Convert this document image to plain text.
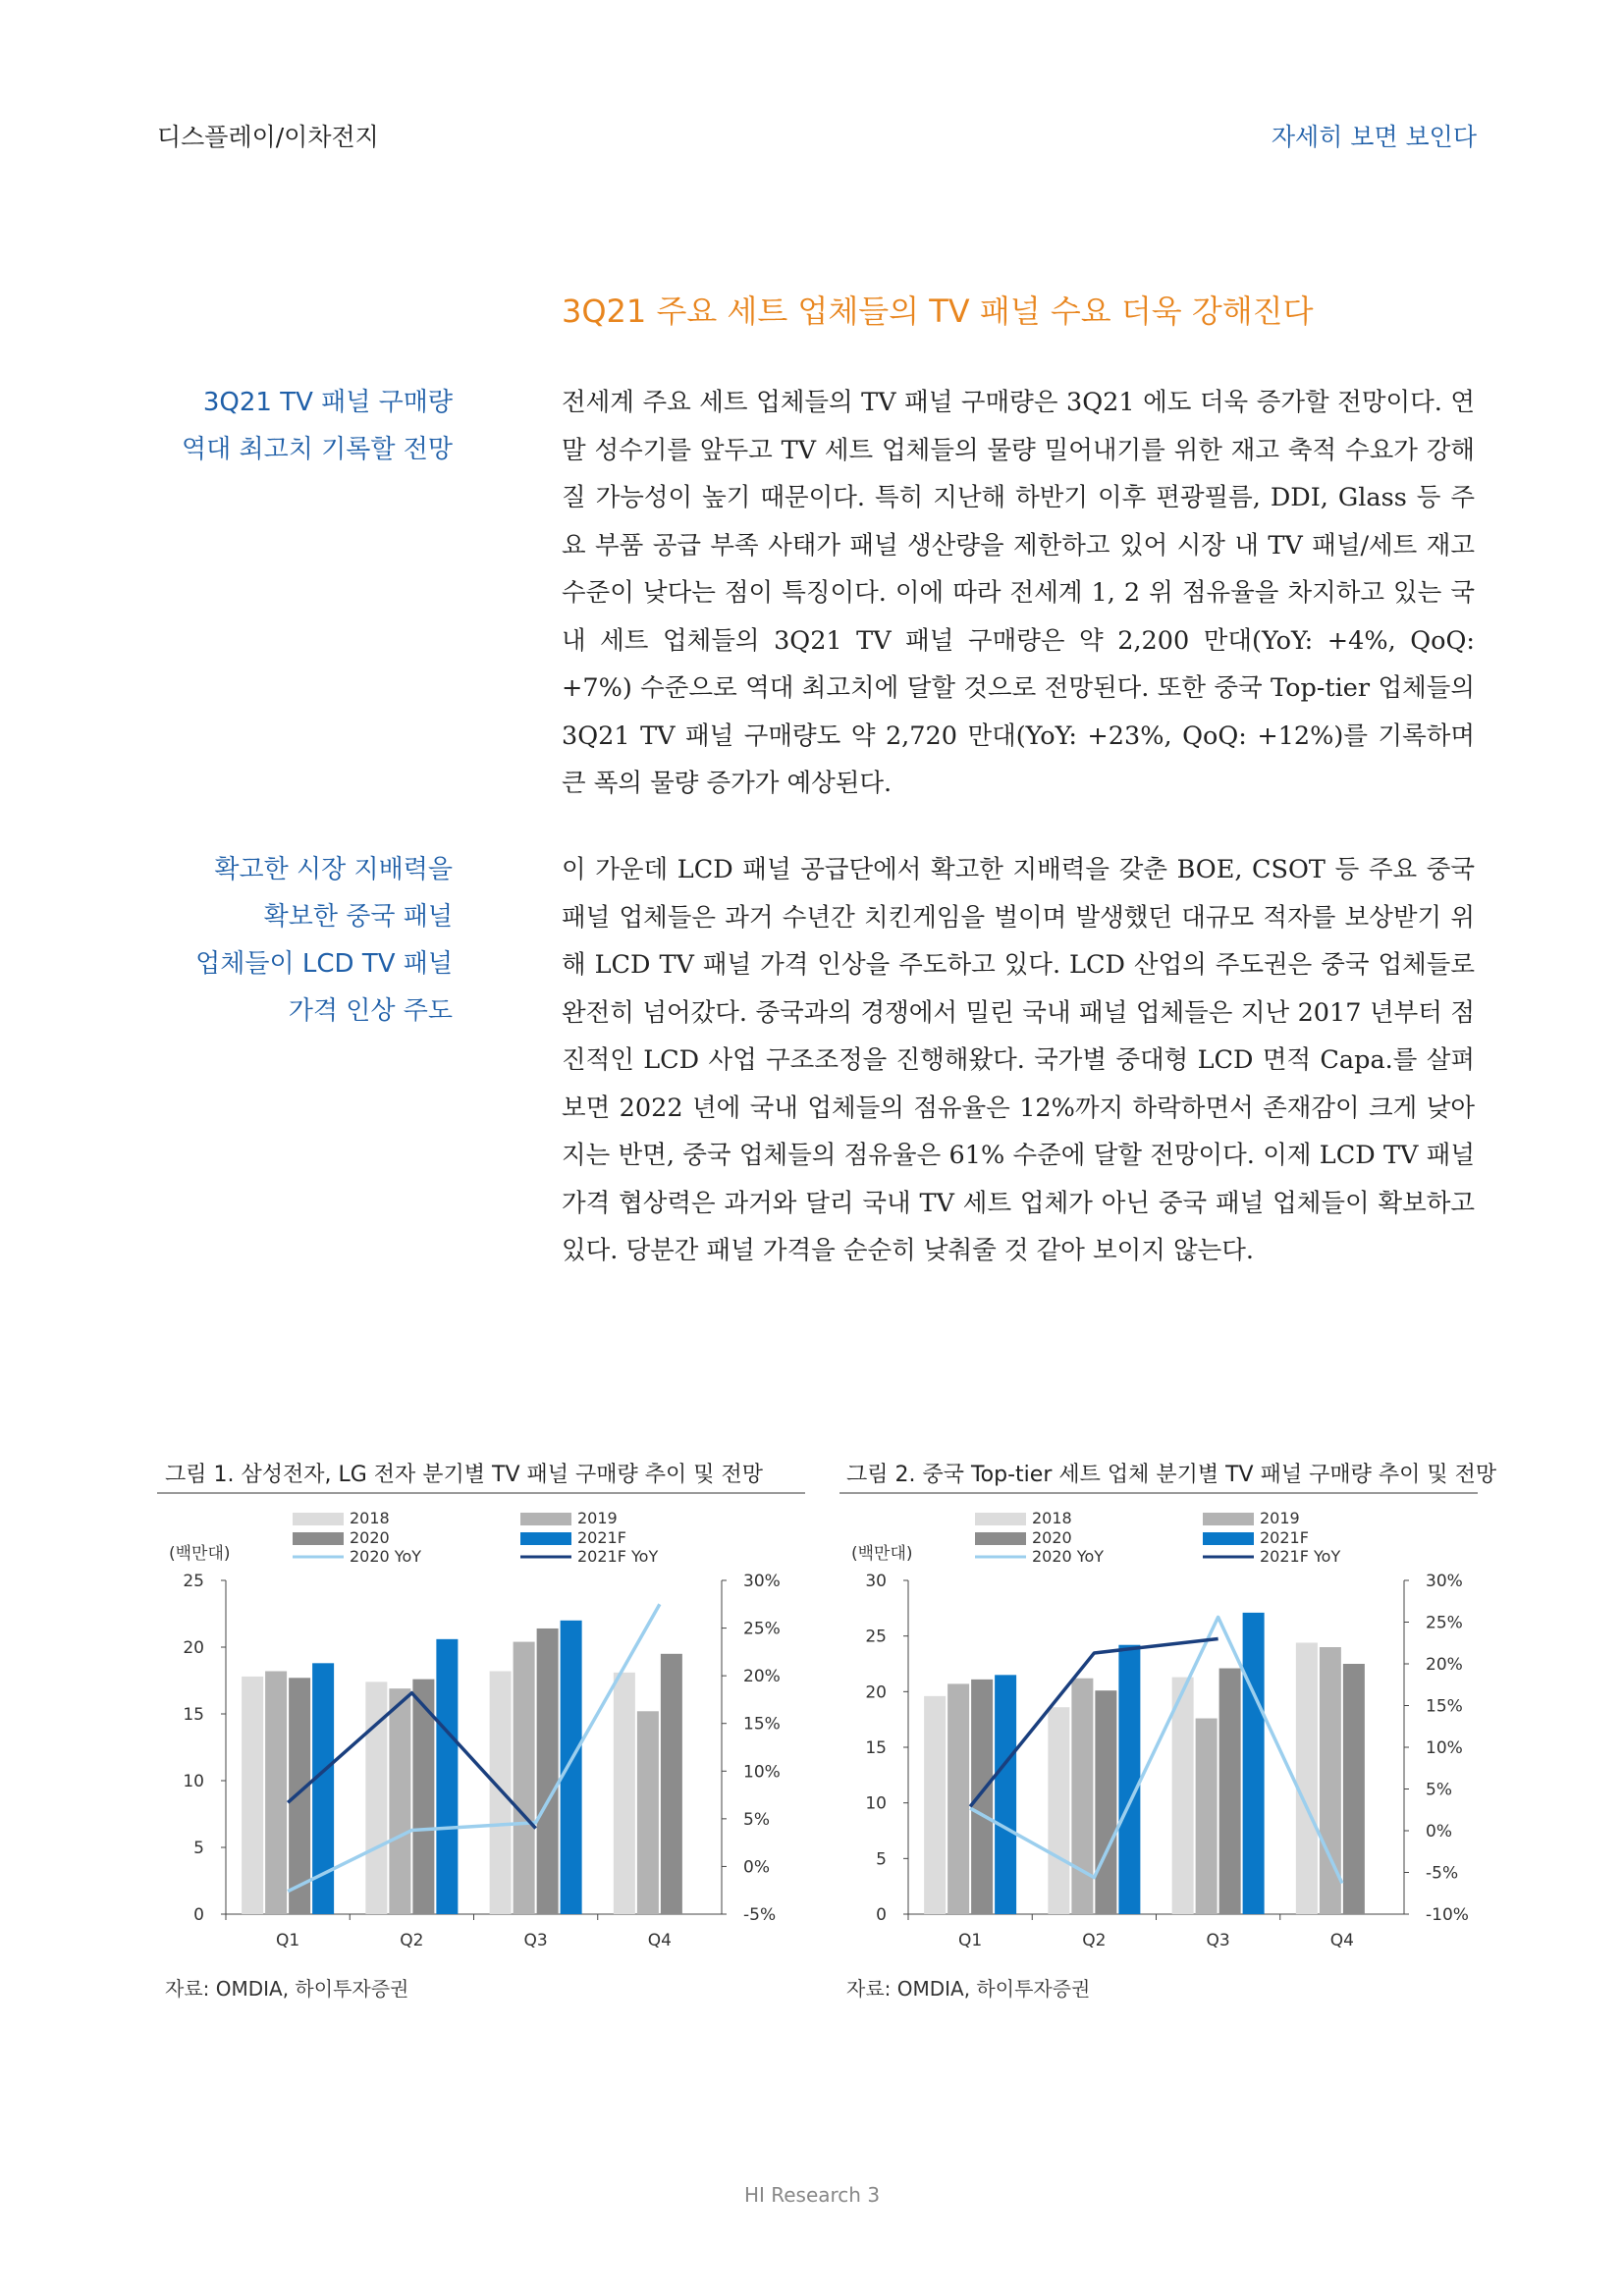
디스플레이/이차전지	자세히 보면 보인다
3Q21 주요 세트 업체들의 TV 패널 수요 더욱 강해진다
3Q21 TV 패널 구매량
역대 최고치 기록할 전망
전세계 주요 세트 업체들의 TV 패널 구매량은 3Q21 에도 더욱 증가할 전망이다. 연말 성수기를 앞두고 TV 세트 업체들의 물량 밀어내기를 위한 재고 축적 수요가 강해질 가능성이 높기 때문이다. 특히 지난해 하반기 이후 편광필름, DDI, Glass 등 주요 부품 공급 부족 사태가 패널 생산량을 제한하고 있어 시장 내 TV 패널/세트 재고 수준이 낮다는 점이 특징이다. 이에 따라 전세계 1, 2 위 점유율을 차지하고 있는 국내 세트 업체들의 3Q21 TV 패널 구매량은 약 2,200 만대(YoY: +4%, QoQ: +7%) 수준으로 역대 최고치에 달할 것으로 전망된다. 또한 중국 Top-tier 업체들의 3Q21 TV 패널 구매량도 약 2,720 만대(YoY: +23%, QoQ: +12%)를 기록하며 큰 폭의 물량 증가가 예상된다.
확고한 시장 지배력을
확보한 중국 패널
업체들이 LCD TV 패널
가격 인상 주도
이 가운데 LCD 패널 공급단에서 확고한 지배력을 갖춘 BOE, CSOT 등 주요 중국 패널 업체들은 과거 수년간 치킨게임을 벌이며 발생했던 대규모 적자를 보상받기 위해 LCD TV 패널 가격 인상을 주도하고 있다. LCD 산업의 주도권은 중국 업체들로 완전히 넘어갔다. 중국과의 경쟁에서 밀린 국내 패널 업체들은 지난 2017 년부터 점진적인 LCD 사업 구조조정을 진행해왔다. 국가별 중대형 LCD 면적 Capa.를 살펴보면 2022 년에 국내 업체들의 점유율은 12%까지 하락하면서 존재감이 크게 낮아지는 반면, 중국 업체들의 점유율은 61% 수준에 달할 전망이다. 이제 LCD TV 패널 가격 협상력은 과거와 달리 국내 TV 세트 업체가 아닌 중국 패널 업체들이 확보하고 있다. 당분간 패널 가격을 순순히 낮춰줄 것 같아 보이지 않는다.
그림 1. 삼성전자, LG 전자 분기별 TV 패널 구매량 추이 및 전망	그림 2. 중국 Top-tier 세트 업체 분기별 TV 패널 구매량 추이 및 전망
(백만대)
2018	2019
2020	2021F
2020 YoY	2021F YoY
0
5
10
15
20
25
-5%
0%
5%
10%
15%
20%
25%
30%
Q1	Q2	Q3	Q4
(백만대)
2018	2019
2020	2021F
2020 YoY	2021F YoY
0
5
10
15
20
25
30
-10%
-5%
0%
5%
10%
15%
20%
25%
30%
Q1	Q2	Q3	Q4
자료: OMDIA, 하이투자증권	자료: OMDIA, 하이투자증권
HI Research 3
